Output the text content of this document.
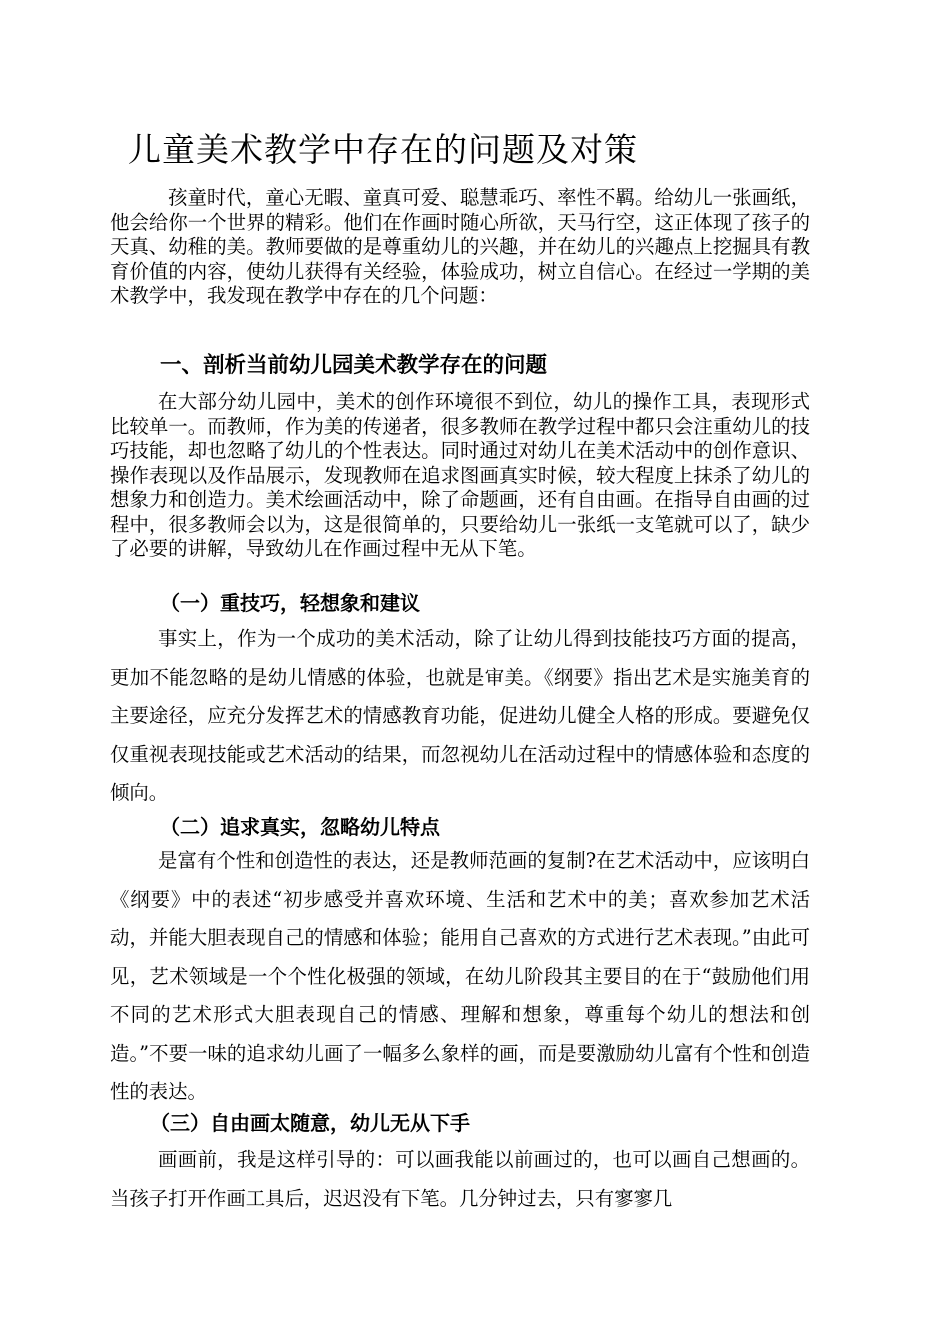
儿童美术教学中存在的问题及对策

孩童时代，童心无暇、童真可爱、聪慧乖巧、率性不羁。给幼儿一张画纸，他会给你一个世界的精彩。他们在作画时随心所欲，天马行空，这正体现了孩子的天真、幼稚的美。教师要做的是尊重幼儿的兴趣，并在幼儿的兴趣点上挖掘具有教育价值的内容，使幼儿获得有关经验，体验成功，树立自信心。在经过一学期的美术教学中，我发现在教学中存在的几个问题：

一、剖析当前幼儿园美术教学存在的问题

在大部分幼儿园中，美术的创作环境很不到位，幼儿的操作工具，表现形式比较单一。而教师，作为美的传递者，很多教师在教学过程中都只会注重幼儿的技巧技能，却也忽略了幼儿的个性表达。同时通过对幼儿在美术活动中的创作意识、操作表现以及作品展示，发现教师在追求图画真实时候，较大程度上抹杀了幼儿的想象力和创造力。美术绘画活动中，除了命题画，还有自由画。在指导自由画的过程中，很多教师会以为，这是很简单的，只要给幼儿一张纸一支笔就可以了，缺少了必要的讲解，导致幼儿在作画过程中无从下笔。

（一）重技巧，轻想象和建议

事实上，作为一个成功的美术活动，除了让幼儿得到技能技巧方面的提高，更加不能忽略的是幼儿情感的体验，也就是审美。《纲要》指出艺术是实施美育的主要途径，应充分发挥艺术的情感教育功能，促进幼儿健全人格的形成。要避免仅仅重视表现技能或艺术活动的结果，而忽视幼儿在活动过程中的情感体验和态度的倾向。

（二）追求真实，忽略幼儿特点

是富有个性和创造性的表达，还是教师范画的复制?在艺术活动中，应该明白《纲要》中的表述“初步感受并喜欢环境、生活和艺术中的美；喜欢参加艺术活动，并能大胆表现自己的情感和体验；能用自己喜欢的方式进行艺术表现。”由此可见，艺术领域是一个个性化极强的领域，在幼儿阶段其主要目的在于“鼓励他们用不同的艺术形式大胆表现自己的情感、理解和想象，尊重每个幼儿的想法和创造。”不要一味的追求幼儿画了一幅多么象样的画，而是要激励幼儿富有个性和创造性的表达。

（三）自由画太随意，幼儿无从下手

画画前，我是这样引导的：可以画我能以前画过的，也可以画自己想画的。当孩子打开作画工具后，迟迟没有下笔。几分钟过去，只有寥寥几
